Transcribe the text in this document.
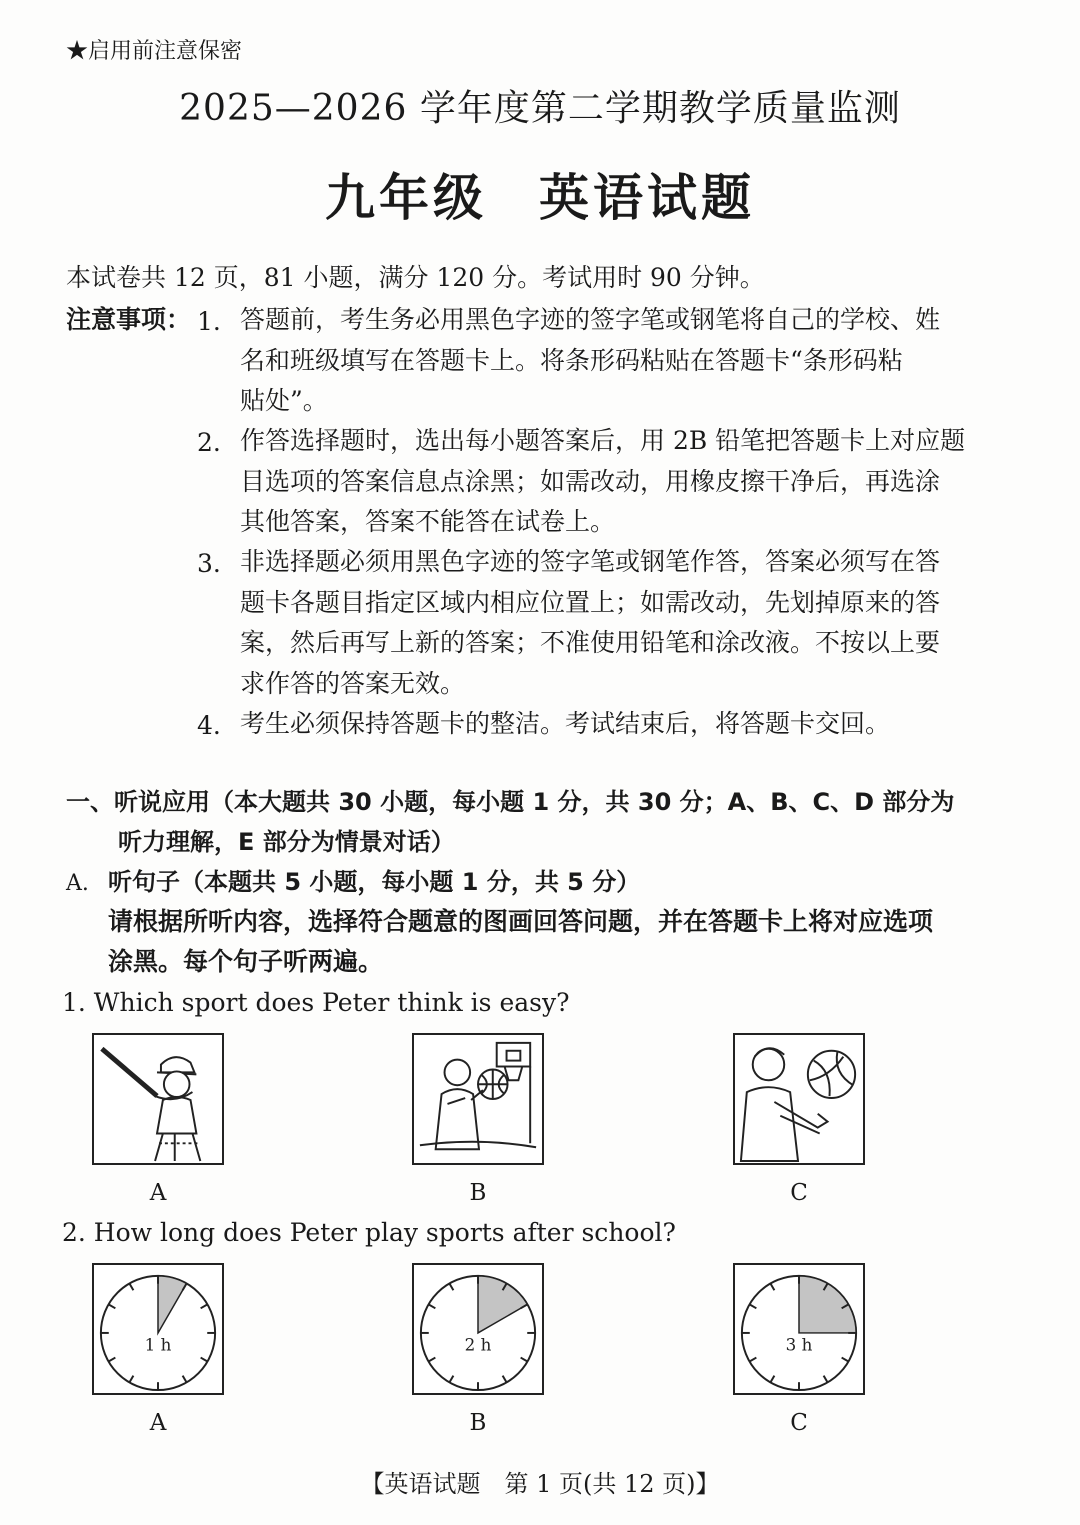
★启用前注意保密
2025—2026 学年度第二学期教学质量监测
九年级 英语试题
本试卷共 12 页，81 小题，满分 120 分。考试用时 90 分钟。
注意事项： 1. 答题前，考生务必用黑色字迹的签字笔或钢笔将自己的学校、姓
名和班级填写在答题卡上。将条形码粘贴在答题卡“条形码粘
贴处”。
2. 作答选择题时，选出每小题答案后，用 2B 铅笔把答题卡上对应题
目选项的答案信息点涂黑；如需改动，用橡皮擦干净后，再选涂
其他答案，答案不能答在试卷上。
3. 非选择题必须用黑色字迹的签字笔或钢笔作答，答案必须写在答
题卡各题目指定区域内相应位置上；如需改动，先划掉原来的答
案，然后再写上新的答案；不准使用铅笔和涂改液。不按以上要
求作答的答案无效。
4. 考生必须保持答题卡的整洁。考试结束后，将答题卡交回。
一、听说应用（本大题共 30 小题，每小题 1 分，共 30 分；A、B、C、D 部分为
听力理解，E 部分为情景对话）
A. 听句子（本题共 5 小题，每小题 1 分，共 5 分）
请根据所听内容，选择符合题意的图画回答问题，并在答题卡上将对应选项
涂黑。每个句子听两遍。
1. Which sport does Peter think is easy?
A	B	C
2. How long does Peter play sports after school?
1 h	2 h	3 h
A	B	C
【英语试题　第 1 页(共 12 页)】
